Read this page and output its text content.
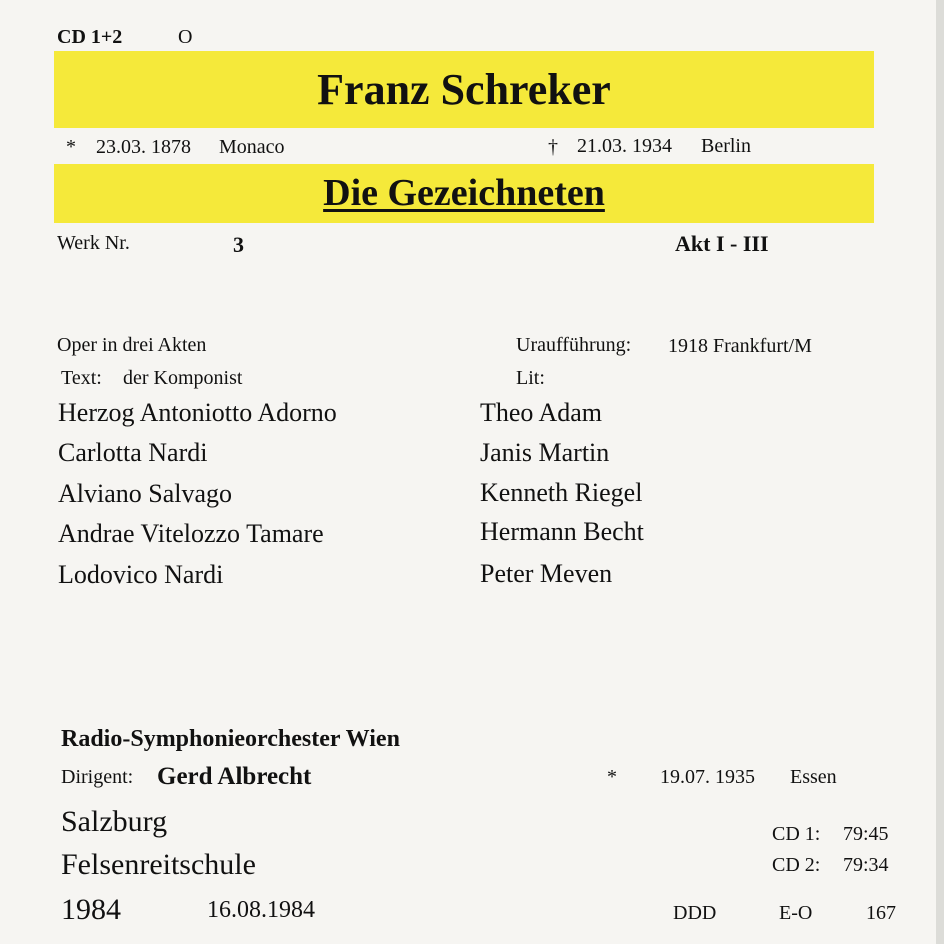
CD 1+2	O
Franz Schreker
* 23.03. 1878 Monaco	† 21.03. 1934 Berlin
Die Gezeichneten
Werk Nr.	3	Akt I - III
Oper in drei Akten
Text: der Komponist
Uraufführung: 1918 Frankfurt/M
Lit:
Herzog Antoniotto Adorno	Theo Adam
Carlotta Nardi	Janis Martin
Alviano Salvago	Kenneth Riegel
Andrae Vitelozzo Tamare	Hermann Becht
Lodovico Nardi	Peter Meven
Radio-Symphonieorchester Wien
Dirigent: Gerd Albrecht	* 19.07. 1935 Essen
Salzburg
Felsenreitschule
1984	16.08.1984
CD 1: 79:45
CD 2: 79:34
DDD	E-O	167
